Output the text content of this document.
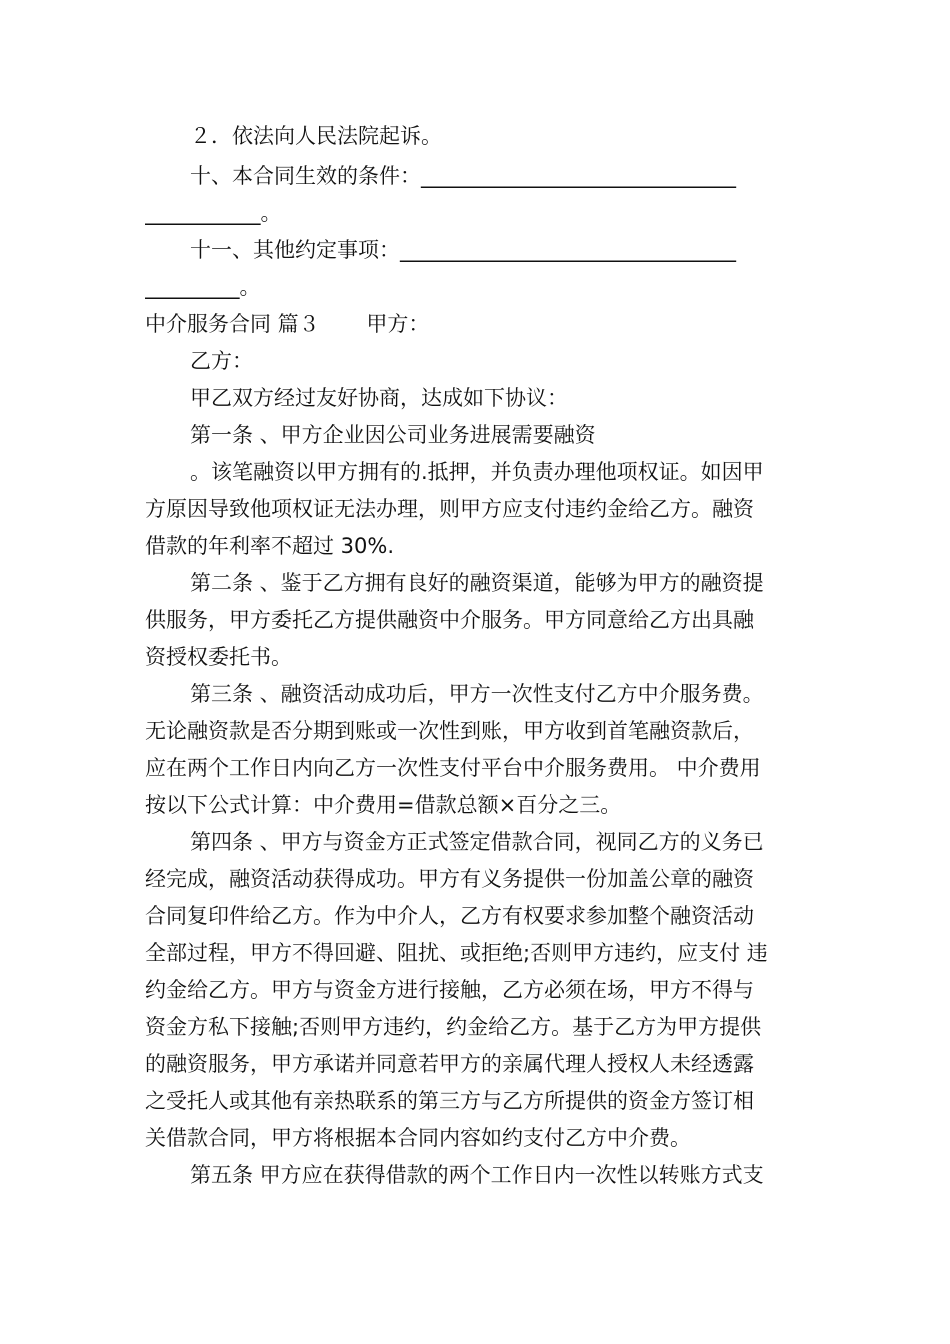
２．依法向人民法院起诉。
十、本合同生效的条件：______________________________
___________。
十一、其他约定事项：________________________________
_________。
中介服务合同 篇３ 甲方：
乙方：
甲乙双方经过友好协商，达成如下协议：
第一条 、甲方企业因公司业务进展需要融资
。该笔融资以甲方拥有的.抵押，并负责办理他项权证。如因甲
方原因导致他项权证无法办理，则甲方应支付违约金给乙方。融资
借款的年利率不超过 30%.
第二条 、鉴于乙方拥有良好的融资渠道，能够为甲方的融资提
供服务，甲方委托乙方提供融资中介服务。甲方同意给乙方出具融
资授权委托书。
第三条 、融资活动成功后，甲方一次性支付乙方中介服务费。
无论融资款是否分期到账或一次性到账，甲方收到首笔融资款后，
应在两个工作日内向乙方一次性支付平台中介服务费用。 中介费用
按以下公式计算：中介费用=借款总额×百分之三。
第四条 、甲方与资金方正式签定借款合同，视同乙方的义务已
经完成，融资活动获得成功。甲方有义务提供一份加盖公章的融资
合同复印件给乙方。作为中介人，乙方有权要求参加整个融资活动
全部过程，甲方不得回避、阻扰、或拒绝;否则甲方违约，应支付 违
约金给乙方。甲方与资金方进行接触，乙方必须在场，甲方不得与
资金方私下接触;否则甲方违约，约金给乙方。基于乙方为甲方提供
的融资服务，甲方承诺并同意若甲方的亲属代理人授权人未经透露
之受托人或其他有亲热联系的第三方与乙方所提供的资金方签订相
关借款合同，甲方将根据本合同内容如约支付乙方中介费。
第五条 甲方应在获得借款的两个工作日内一次性以转账方式支
